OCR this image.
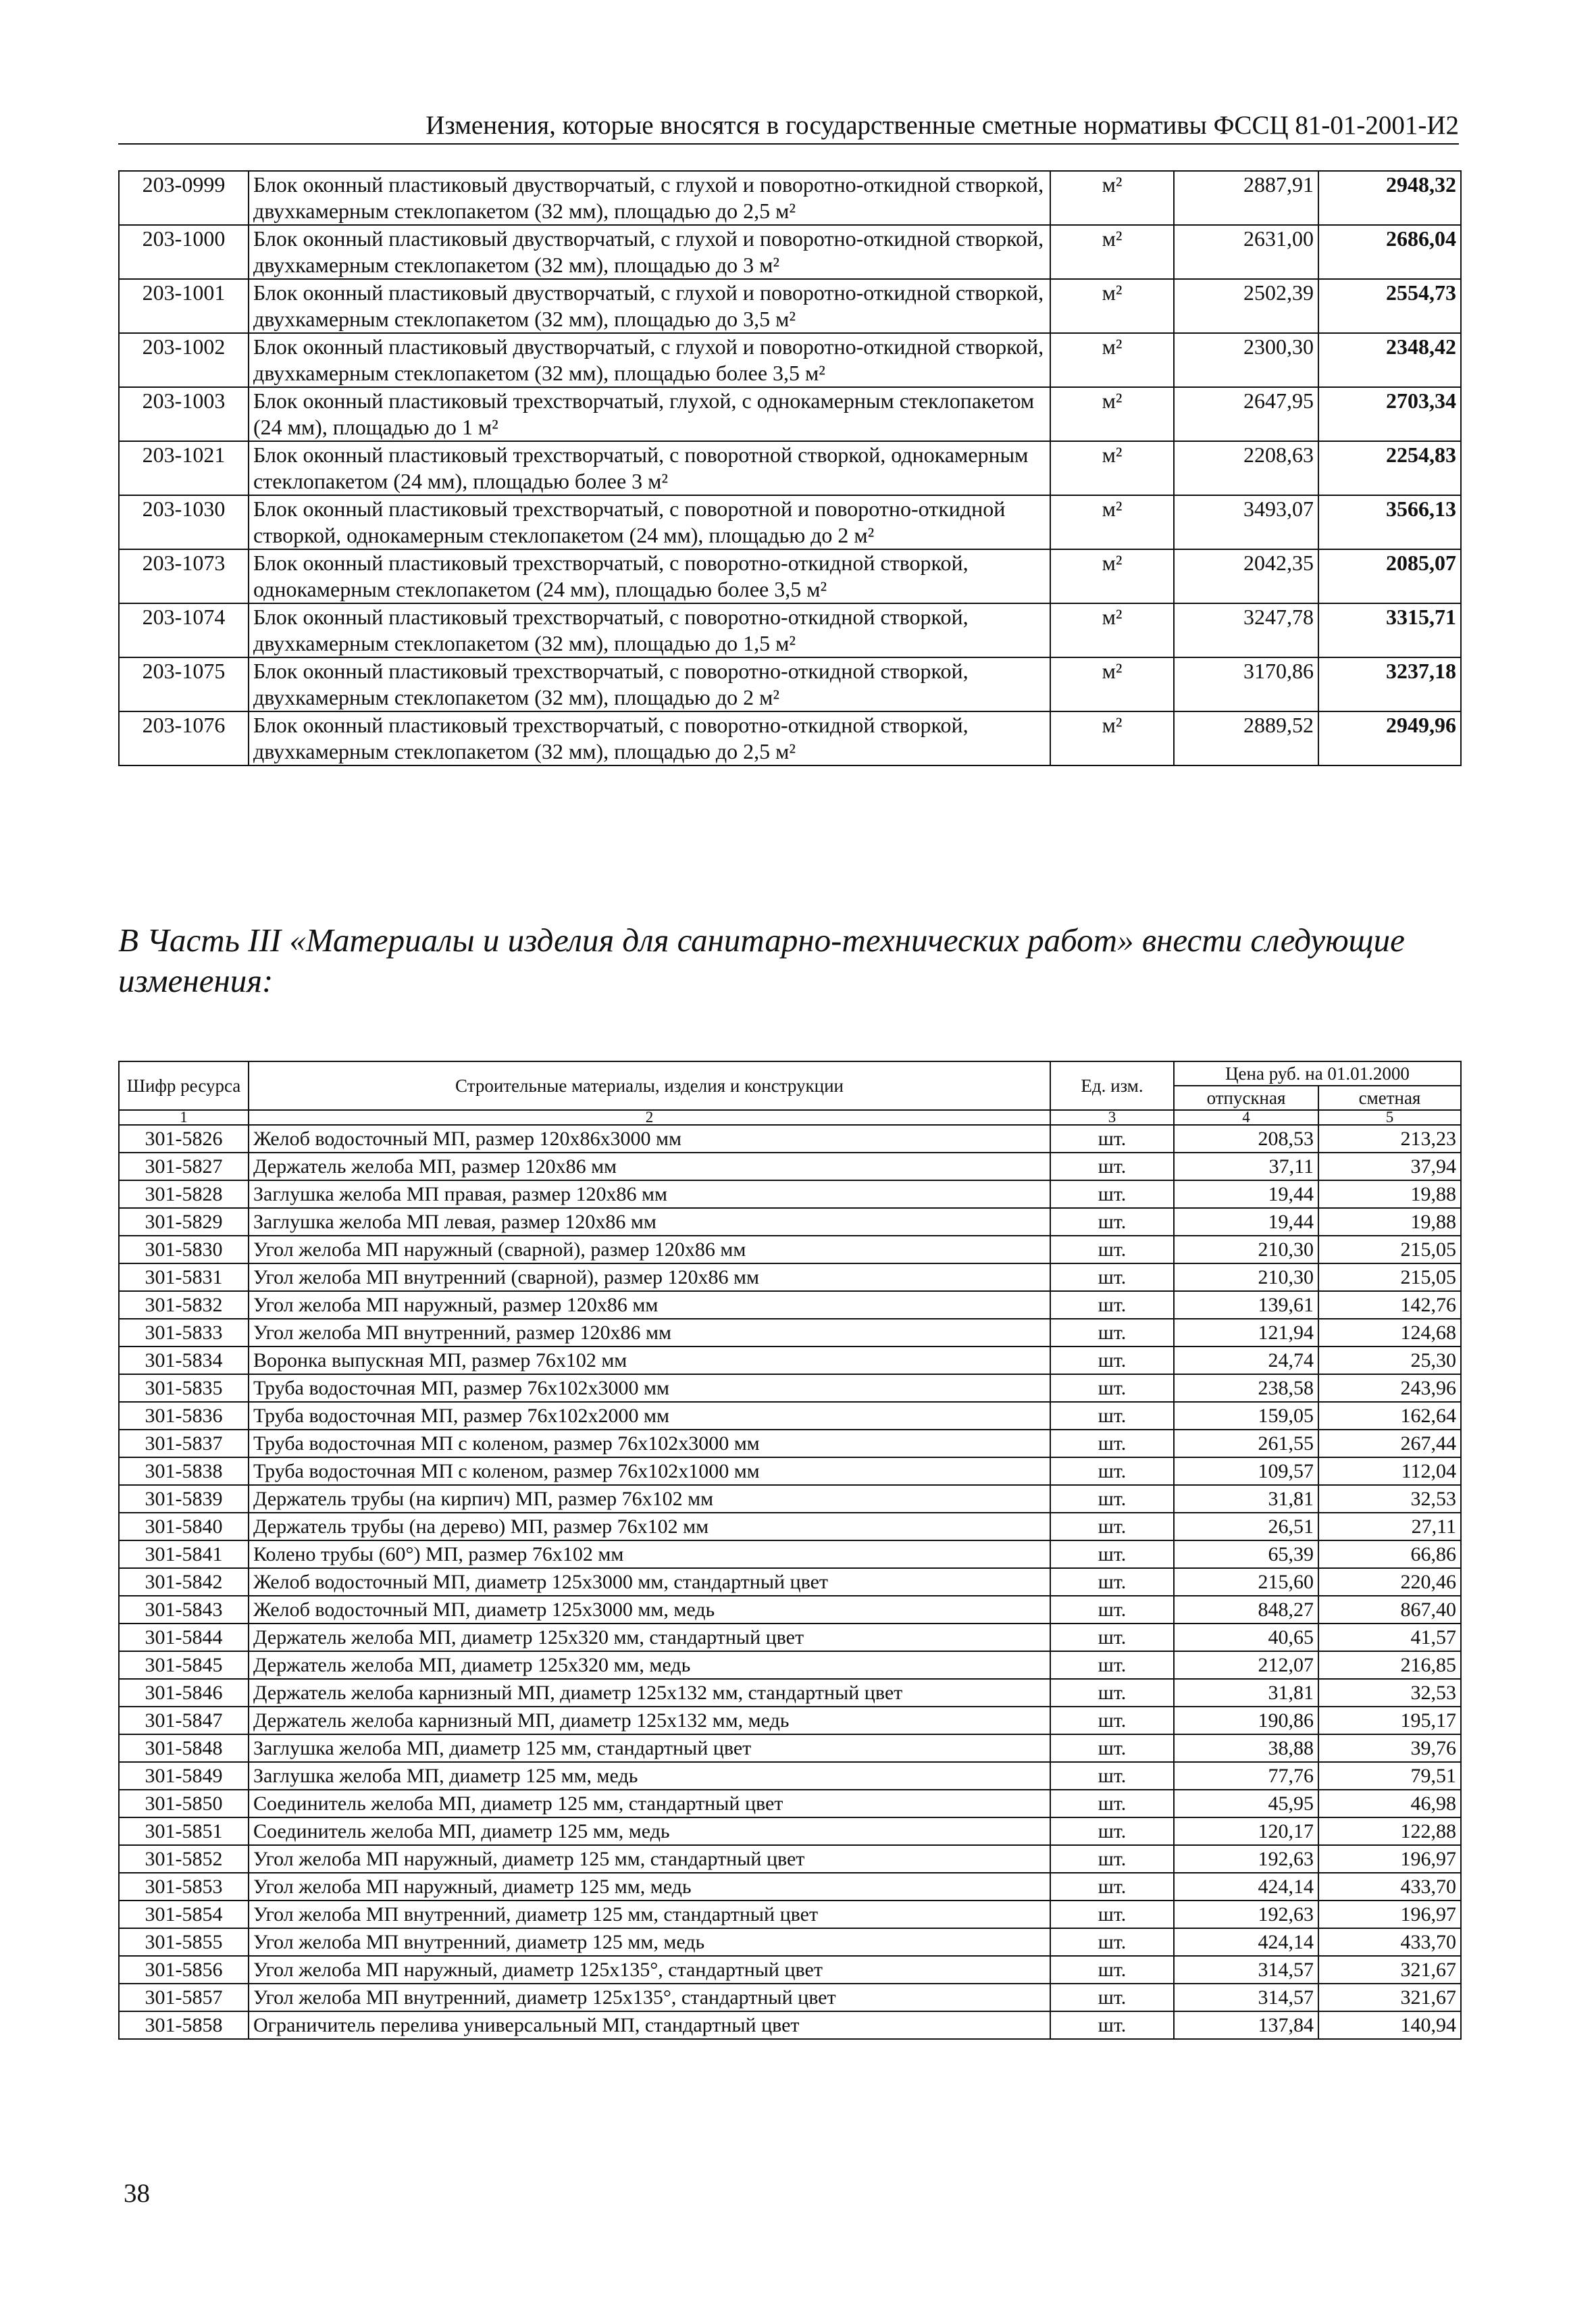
Изменения, которые вносятся в государственные сметные нормативы ФССЦ 81-01-2001-И2
203-0999	Блок оконный пластиковый двустворчатый, с глухой и поворотно-откидной створкой, двухкамерным стеклопакетом (32 мм), площадью до 2,5 м²	м²	2887,91	2948,32
203-1000	Блок оконный пластиковый двустворчатый, с глухой и поворотно-откидной створкой, двухкамерным стеклопакетом (32 мм), площадью до 3 м²	м²	2631,00	2686,04
203-1001	Блок оконный пластиковый двустворчатый, с глухой и поворотно-откидной створкой, двухкамерным стеклопакетом (32 мм), площадью до 3,5 м²	м²	2502,39	2554,73
203-1002	Блок оконный пластиковый двустворчатый, с глухой и поворотно-откидной створкой, двухкамерным стеклопакетом (32 мм), площадью более 3,5 м²	м²	2300,30	2348,42
203-1003	Блок оконный пластиковый трехстворчатый, глухой, с однокамерным стеклопакетом (24 мм), площадью до 1 м²	м²	2647,95	2703,34
203-1021	Блок оконный пластиковый трехстворчатый, с поворотной створкой, однокамерным стеклопакетом (24 мм), площадью более 3 м²	м²	2208,63	2254,83
203-1030	Блок оконный пластиковый трехстворчатый, с поворотной и поворотно-откидной створкой, однокамерным стеклопакетом (24 мм), площадью до 2 м²	м²	3493,07	3566,13
203-1073	Блок оконный пластиковый трехстворчатый, с поворотно-откидной створкой, однокамерным стеклопакетом (24 мм), площадью более 3,5 м²	м²	2042,35	2085,07
203-1074	Блок оконный пластиковый трехстворчатый, с поворотно-откидной створкой, двухкамерным стеклопакетом (32 мм), площадью до 1,5 м²	м²	3247,78	3315,71
203-1075	Блок оконный пластиковый трехстворчатый, с поворотно-откидной створкой, двухкамерным стеклопакетом (32 мм), площадью до 2 м²	м²	3170,86	3237,18
203-1076	Блок оконный пластиковый трехстворчатый, с поворотно-откидной створкой, двухкамерным стеклопакетом (32 мм), площадью до 2,5 м²	м²	2889,52	2949,96
В Часть III «Материалы и изделия для санитарно-технических работ» внести следующие изменения:
Шифр ресурса	Строительные материалы, изделия и конструкции	Ед. изм.	Цена руб. на 01.01.2000	
			отпускная	сметная
1	2	3	4	5
301-5826	Желоб водосточный МП, размер 120х86х3000 мм	шт.	208,53	213,23
301-5827	Держатель желоба МП, размер 120х86 мм	шт.	37,11	37,94
301-5828	Заглушка желоба МП правая, размер 120х86 мм	шт.	19,44	19,88
301-5829	Заглушка желоба МП левая, размер 120х86 мм	шт.	19,44	19,88
301-5830	Угол желоба МП наружный (сварной), размер 120х86 мм	шт.	210,30	215,05
301-5831	Угол желоба МП внутренний (сварной), размер 120х86 мм	шт.	210,30	215,05
301-5832	Угол желоба МП наружный, размер 120х86 мм	шт.	139,61	142,76
301-5833	Угол желоба МП внутренний, размер 120х86 мм	шт.	121,94	124,68
301-5834	Воронка выпускная МП, размер 76х102 мм	шт.	24,74	25,30
301-5835	Труба водосточная МП, размер 76х102х3000 мм	шт.	238,58	243,96
301-5836	Труба водосточная МП, размер 76х102х2000 мм	шт.	159,05	162,64
301-5837	Труба водосточная МП с коленом, размер 76х102х3000 мм	шт.	261,55	267,44
301-5838	Труба водосточная МП с коленом, размер 76х102х1000 мм	шт.	109,57	112,04
301-5839	Держатель трубы (на кирпич) МП, размер 76х102 мм	шт.	31,81	32,53
301-5840	Держатель трубы (на дерево) МП, размер 76х102 мм	шт.	26,51	27,11
301-5841	Колено трубы (60°) МП, размер 76х102 мм	шт.	65,39	66,86
301-5842	Желоб водосточный МП, диаметр 125х3000 мм, стандартный цвет	шт.	215,60	220,46
301-5843	Желоб водосточный МП, диаметр 125х3000 мм, медь	шт.	848,27	867,40
301-5844	Держатель желоба МП, диаметр 125х320 мм, стандартный цвет	шт.	40,65	41,57
301-5845	Держатель желоба МП, диаметр 125х320 мм, медь	шт.	212,07	216,85
301-5846	Держатель желоба карнизный МП, диаметр 125х132 мм, стандартный цвет	шт.	31,81	32,53
301-5847	Держатель желоба карнизный МП, диаметр 125х132 мм, медь	шт.	190,86	195,17
301-5848	Заглушка желоба МП, диаметр 125 мм, стандартный цвет	шт.	38,88	39,76
301-5849	Заглушка желоба МП, диаметр 125 мм, медь	шт.	77,76	79,51
301-5850	Соединитель желоба МП, диаметр 125 мм, стандартный цвет	шт.	45,95	46,98
301-5851	Соединитель желоба МП, диаметр 125 мм, медь	шт.	120,17	122,88
301-5852	Угол желоба МП наружный, диаметр 125 мм, стандартный цвет	шт.	192,63	196,97
301-5853	Угол желоба МП наружный, диаметр 125 мм, медь	шт.	424,14	433,70
301-5854	Угол желоба МП внутренний, диаметр 125 мм, стандартный цвет	шт.	192,63	196,97
301-5855	Угол желоба МП внутренний, диаметр 125 мм, медь	шт.	424,14	433,70
301-5856	Угол желоба МП наружный, диаметр 125х135°, стандартный цвет	шт.	314,57	321,67
301-5857	Угол желоба МП внутренний, диаметр 125х135°, стандартный цвет	шт.	314,57	321,67
301-5858	Ограничитель перелива универсальный МП, стандартный цвет	шт.	137,84	140,94
38
